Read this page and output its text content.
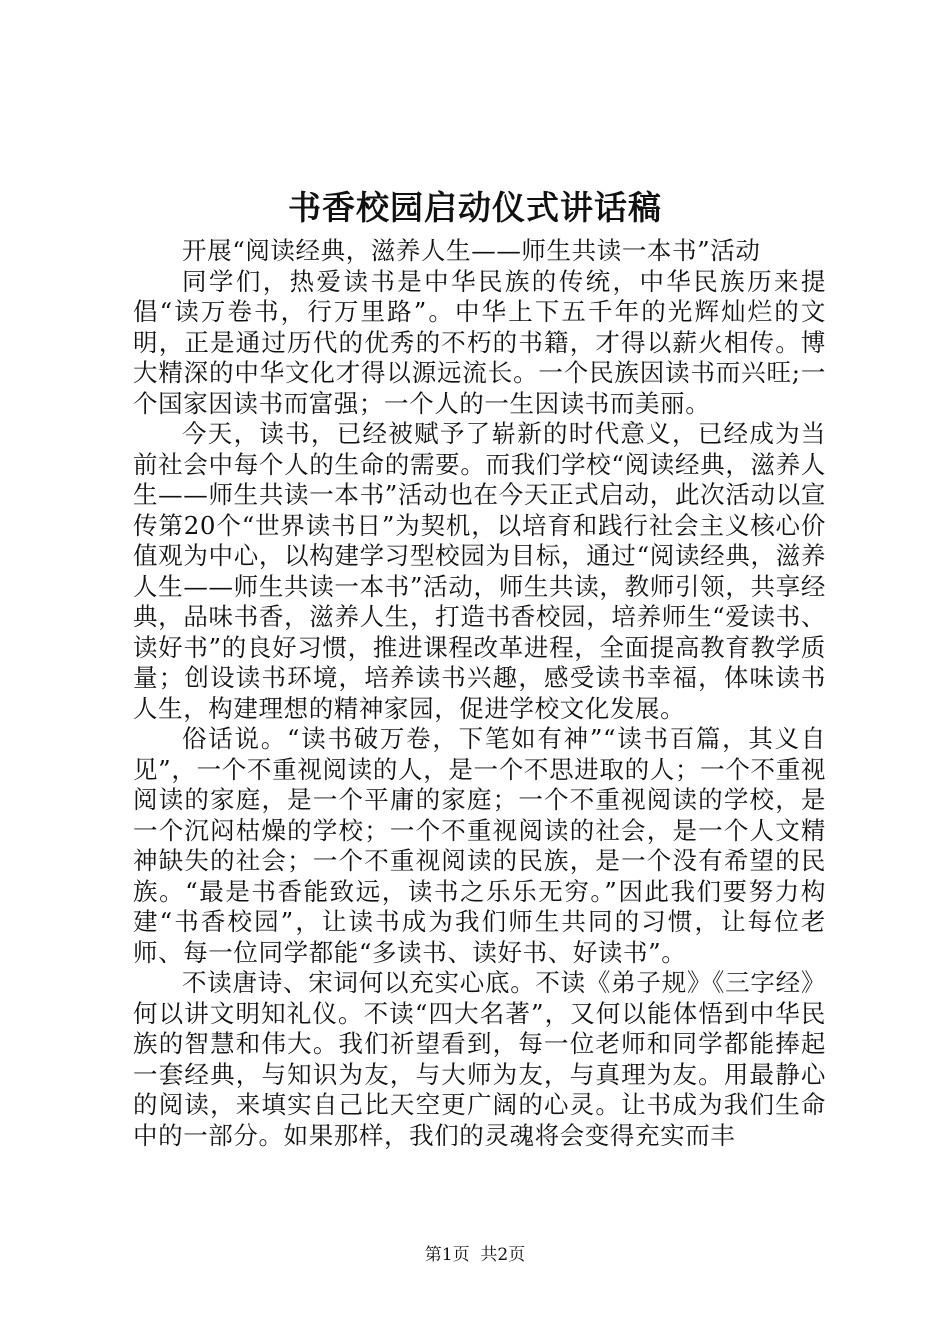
书香校园启动仪式讲话稿

开展“阅读经典，滋养人生——师生共读一本书”活动

同学们，热爱读书是中华民族的传统，中华民族历来提倡“读万卷书，行万里路”。中华上下五千年的光辉灿烂的文明，正是通过历代的优秀的不朽的书籍，才得以薪火相传。博大精深的中华文化才得以源远流长。一个民族因读书而兴旺;一个国家因读书而富强；一个人的一生因读书而美丽。

今天，读书，已经被赋予了崭新的时代意义，已经成为当前社会中每个人的生命的需要。而我们学校“阅读经典，滋养人生——师生共读一本书”活动也在今天正式启动，此次活动以宣传第20个“世界读书日”为契机，以培育和践行社会主义核心价值观为中心，以构建学习型校园为目标，通过“阅读经典，滋养人生——师生共读一本书”活动，师生共读，教师引领，共享经典，品味书香，滋养人生，打造书香校园，培养师生“爱读书、读好书”的良好习惯，推进课程改革进程，全面提高教育教学质量；创设读书环境，培养读书兴趣，感受读书幸福，体味读书人生，构建理想的精神家园，促进学校文化发展。

俗话说。“读书破万卷，下笔如有神”“读书百篇，其义自见”，一个不重视阅读的人，是一个不思进取的人；一个不重视阅读的家庭，是一个平庸的家庭；一个不重视阅读的学校，是一个沉闷枯燥的学校；一个不重视阅读的社会，是一个人文精神缺失的社会；一个不重视阅读的民族，是一个没有希望的民族。“最是书香能致远，读书之乐乐无穷。”因此我们要努力构建“书香校园”，让读书成为我们师生共同的习惯，让每位老师、每一位同学都能“多读书、读好书、好读书”。

不读唐诗、宋词何以充实心底。不读《弟子规》《三字经》何以讲文明知礼仪。不读“四大名著”，又何以能体悟到中华民族的智慧和伟大。我们祈望看到，每一位老师和同学都能捧起一套经典，与知识为友，与大师为友，与真理为友。用最静心的阅读，来填实自己比天空更广阔的心灵。让书成为我们生命中的一部分。如果那样，我们的灵魂将会变得充实而丰

第1页  共2页
